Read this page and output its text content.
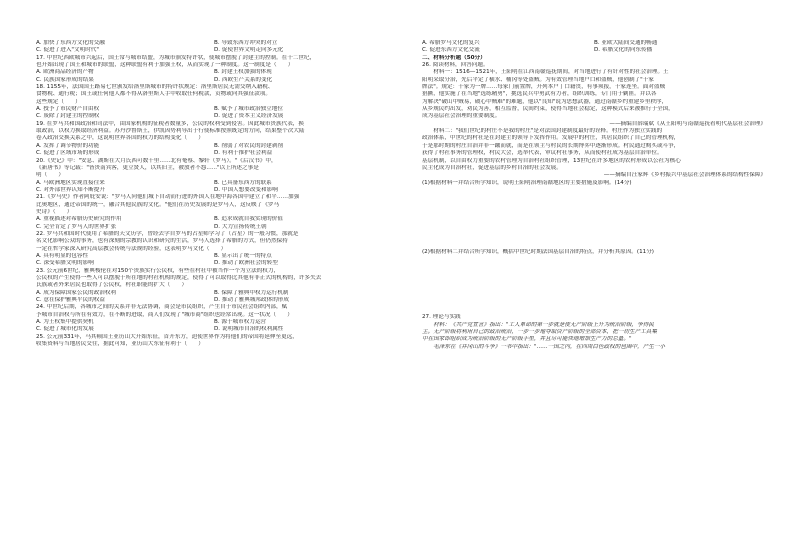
A. 加快了东西方文化的交融	B. 导致东西方冲突的对立
C. 促进了进入"文明时代"	D. 促使世界文明走向多元化
17. 中世纪西欧城市兴起后，国王常与城市结盟，为城市颁发特许状，使城市摆脱了封建主的控制。在十二世纪，
也开始出现了国王和城市的联盟，这种联盟有利于加强王权，从而实现了一种制度。这一制度是（　　）
A. 欧洲商品经济的产物	B. 封建王权加强的体现
C. 民族国家形成的结果	D. 西欧生产关系的变化
18. 1155年，法国国王路易七世颁发给洛里斯城市的特许状规定：洛里斯居民无需交纳入籍税、
食物税、通行税；国王或任何他人都不得从洛里斯人手中收取任何税款，贡物或向其强征款项。
这些规定（　　）
A. 授予了市民财产自由权	B. 赋予了城市政治独立地位
C. 废除了封建主的控制权	D. 促进了资本主义经济发展
19. 在罗马共和国政治和司法中，由国家机构的征税者数量多，公民的权利受到侵害。因此城市贵族代表，换
取政治，以权力换取经济利益。苏丹沙鲁斯王，伊凯因势利导出于行使标准按照既定的方向，结果整个次大陆
卷入政治交换关系之中，这说明世界各国的权力的结构变化（　　）
A. 发挥了调节物价的功能	B. 削弱了对农民的封建剥削
C. 促进了区域市场的形成	D. 有利于推护社会利益
20.《史记》中："安息、湖斯在大月氏西可数千里……北有奄蔡、黎轩（罗马）。"《后汉书》中，
《新唐书》等记载："皆贵南宾客，更立贤人，以其旧主，被放者不怨......"以上所述之事是
明（　　）
A. 马欧洲地区实现直接往来	B. 已具备东西方的联系
C. 对外部世界认知不断提升	D. 中国人想要改变和影响
21.《罗马史》作者阿庇安说："罗马人向他们城下自动而行进的外国人在地中海各国中建立了和平……加强
比奥地区，通过帝国的统一，融合其他民族的文化。"他们在历史发展的是罗马人，这反映了《罗马
史诗》（　　）
A. 重视描述对希腊历史研究的作用	B. 追求成就自我实现的价值
C. 完全肯定了罗马人的世界扩张	D. 大力宣扬传统王朝
22. 罗马共和国时代使用了希腊的天文历学，曾经去学自罗马的占星师学习了（占星）的一般习惯，那就是
名文化影响公众的事务，也有深刻的宗教的认识和研究的生活，罗马人选择了希腊的方式，但仍然保持
一定在哲学家深入研究高层教会传统与法规的经验，这表明罗马文化（　　）
A. 具有明显的包容性	B. 显示出了统一的特点
C. 深受希腊文明的影响	D. 推动了欧洲社会的转型
23. 公元前6世纪，雅典梭伦在对150个贵族实行公民权，有些在村社中被当作一个为立法的权力，
公民权的产生使得一些人可以摆脱于所在地的村社机构的规定，使得了可以取得比其他有非正式的机构的，许多失去
氏族或者外来居民也取得了公民权，村社职能的扩大（　　）
A. 成为保障国家公民的政治权利	B. 保障了雅典中权力运行机制
C. 意在保护雅典平民的权益	D. 推动了雅典城邦政体的形成
24. 中世纪后期，各城市之间的关系并非无法协调，商会是市民组织，产生自于市民社会组织内部，赋
予城市自治权与所在有效力，在不断的进取，商人们发现了"城市商"组织也经常出现。这一状况（　　）
A. 为王权集中提供契机	B. 源于城市权力运营
C. 促进了城市化的发展	D. 说明城市自治的权利属性
25. 公元前331年，马其顿国王亚历山大开始东征，首开东方，迫使世界作为将他们的帝国将延伸至更远，
收集资料与当地居民交往，据此可知，亚历山大东征有利于（　　）
A. 希腊罗马文化的复兴	B. 亚欧大陆间交通的畅通
C. 促进东西方文化交流	D. 希腊文化的向东传播
二、材料分析题（50分）
26. 阅读材料，回答问题。
　　材料一：1516—1521年，王阳明在江西南赣巡抚期间，对当地进行了有针对性的社会治理。王
阳明采取分治，先后平定了横水、桶冈等处盗贼。为有效管理当地户口和盗贼，他创制了"十家
牌法"。规定：十家为一牌……每家门前置牌，开列本户丁口籍贯，有事须报，十家连坐。面对盗贼
猖獗，他实施了在当地"选练精勇"，挑选民兵中勇武有力者，组织训练，专门用于剿匪。并以各
为解决"破山中贼易，破心中贼难"的难题，他以"良知"说为思想武器，通过南赣乡约重建乡里秩序，
从乡规民约出发，劝民为善，相互监督，民间约束，使得当地社会稳定，这种模式后来被推行于全国，
成为基层社会治理的重要制度。
——摘编自薛瑞斌《从王阳明与南赣巡抚看明代基层社会治理》
　　材料二："我们世纪的村庄不是我的村庄"是对法国封建制度最好的诠释。村庄作为独立实践的
政治体系，中世纪的村社是在封建主的领导下发挥作用。发展中的村庄，其居民组织了自己的管理机构，
于是那时期的村庄自治并非一蹴而就，而是在领主与村民的长期博弈中逐渐形成。村民通过购买或斗争，
获得了村社事务的管理权，村民大会，选举代表，审议村社事务，从而使村社成为基层自治单位。
基层机制，以自由权力重要的农村管理为自治村社组织管理，13世纪在许多地区的农村形成以公社为核心
民主化成为自治村社，促进基层的乡村自治的社会发展。
——摘编自汪家辉《乡村振兴中基层社会治理体系的结构性保障》
(1)根据材料一并结合所学知识，说明王阳明治理南赣地区的主要措施及影响。(14分)
(2)根据材料二并结合所学知识，概括中世纪时期法国基层自治的特点，并分析其原因。(11分)
27. 理论与实践
　　材料：《共产党宣言》指出："工人革命的第一步就是使无产阶级上升为统治阶级，争得民
主。无产阶级将利用自己的政治统治，一步一步地夺取资产阶级的全部资本，把一切生产工具集
中在国家即组织成为统治阶级的无产阶级手里，并且尽可能快地增加生产力的总量。"
　　毛泽东在《井冈山的斗争》一书中指出："……一国之内，在四周白色政权的包围中，产生一小
